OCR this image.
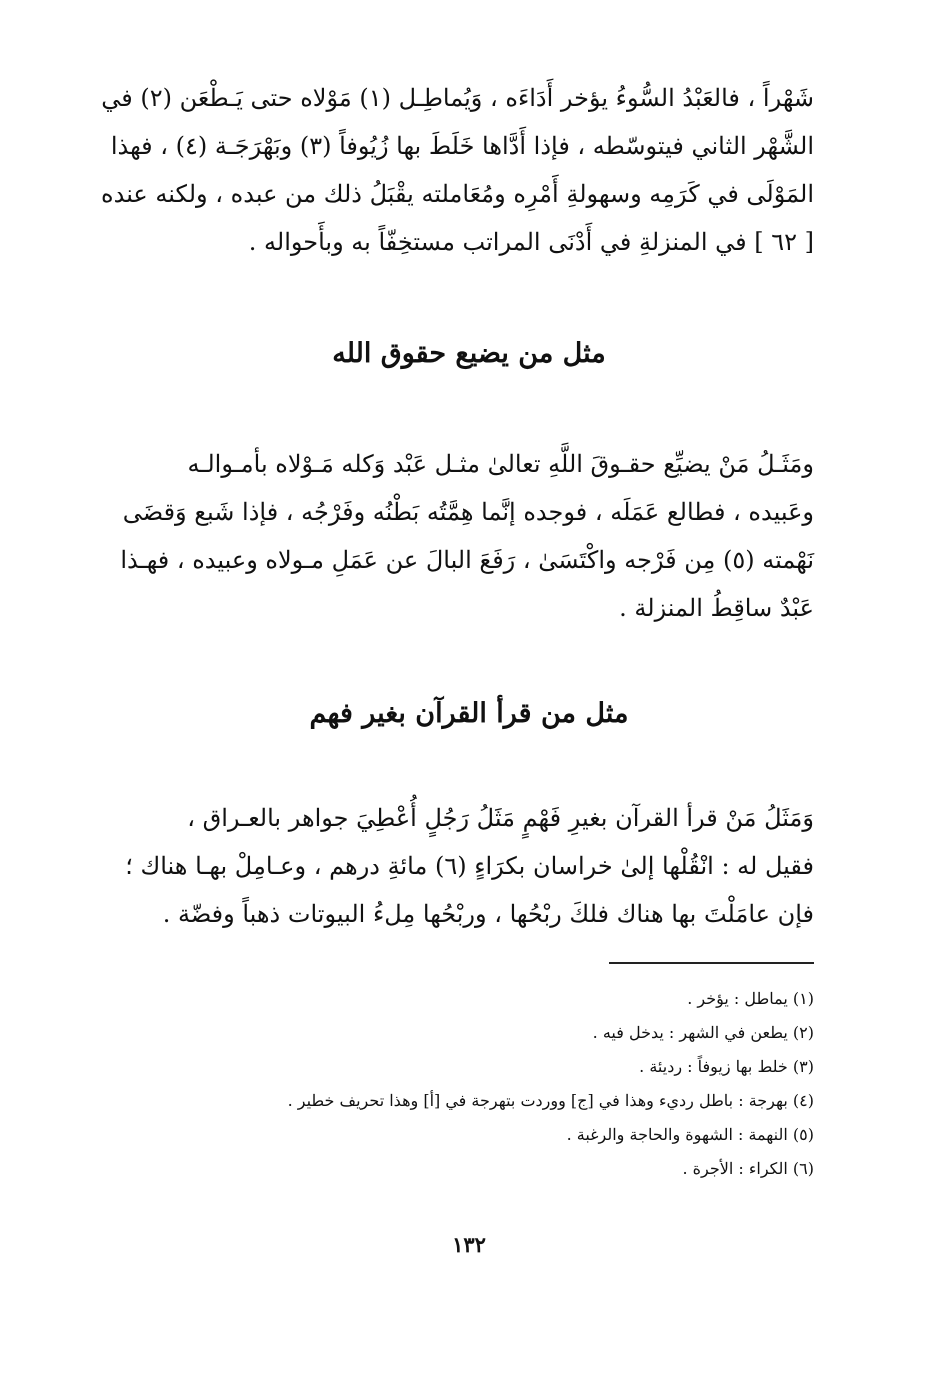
شَهْراً ، فالعَبْدُ السُّوءُ يؤخر أَدَاءَه ، وَيُماطِـل (١) مَوْلاه حتى يَـطْعَن (٢) في
الشَّهْر الثاني فيتوسّطه ، فإذا أَدَّاها خَلَطَ بها زُيُوفاً (٣) وبَهْرَجَـة (٤) ، فهذا
المَوْلَى في كَرَمِه وسهولةِ أَمْرِه ومُعَاملته يقْبَلُ ذلك من عبده ، ولكنه عنده
[ ٦٢ ] في المنزلةِ في أَدْنَى المراتب مستخِفّاً به وبأَحواله .

مثل من يضيع حقوق الله

ومَثَـلُ مَنْ يضيِّع حقـوقَ اللَّهِ تعالىٰ مثـل عَبْد وَكله مَـوْلاه بأمـوالـه
وعَبيده ، فطالع عَمَلَه ، فوجده إنَّما هِمَّتُه بَطْنُه وفَرْجُه ، فإذا شَبع وَقضَى
نَهْمته (٥) مِن فَرْجه واكْتَسَىٰ ، رَفَعَ البالَ عن عَمَلِ مـولاه وعبيده ، فهـذا
عَبْدٌ ساقِطُ المنزلة .

مثل من قرأ القرآن بغير فهم

وَمَثَلُ مَنْ قرأ القرآن بغيرِ فَهْمٍ مَثَلُ رَجُلٍ أُعْطِيَ جواهر بالعـراق ،
فقيل له : انْقُلْها إلىٰ خراسان بكرَاءٍ (٦) مائةِ درهم ، وعـامِلْ بهـا هناك ؛
فإن عامَلْتَ بها هناك فلكَ ربْحُها ، وربْحُها مِلءُ البيوتات ذهباً وفضّة .

(١) يماطل : يؤخر .
(٢) يطعن في الشهر : يدخل فيه .
(٣) خلط بها زيوفاً : رديئة .
(٤) بهرجة : باطل رديء وهذا في [ج] ووردت بتهرجة في [أ] وهذا تحريف خطير .
(٥) النهمة : الشهوة والحاجة والرغبة .
(٦) الكراء : الأجرة .
١٣٢
